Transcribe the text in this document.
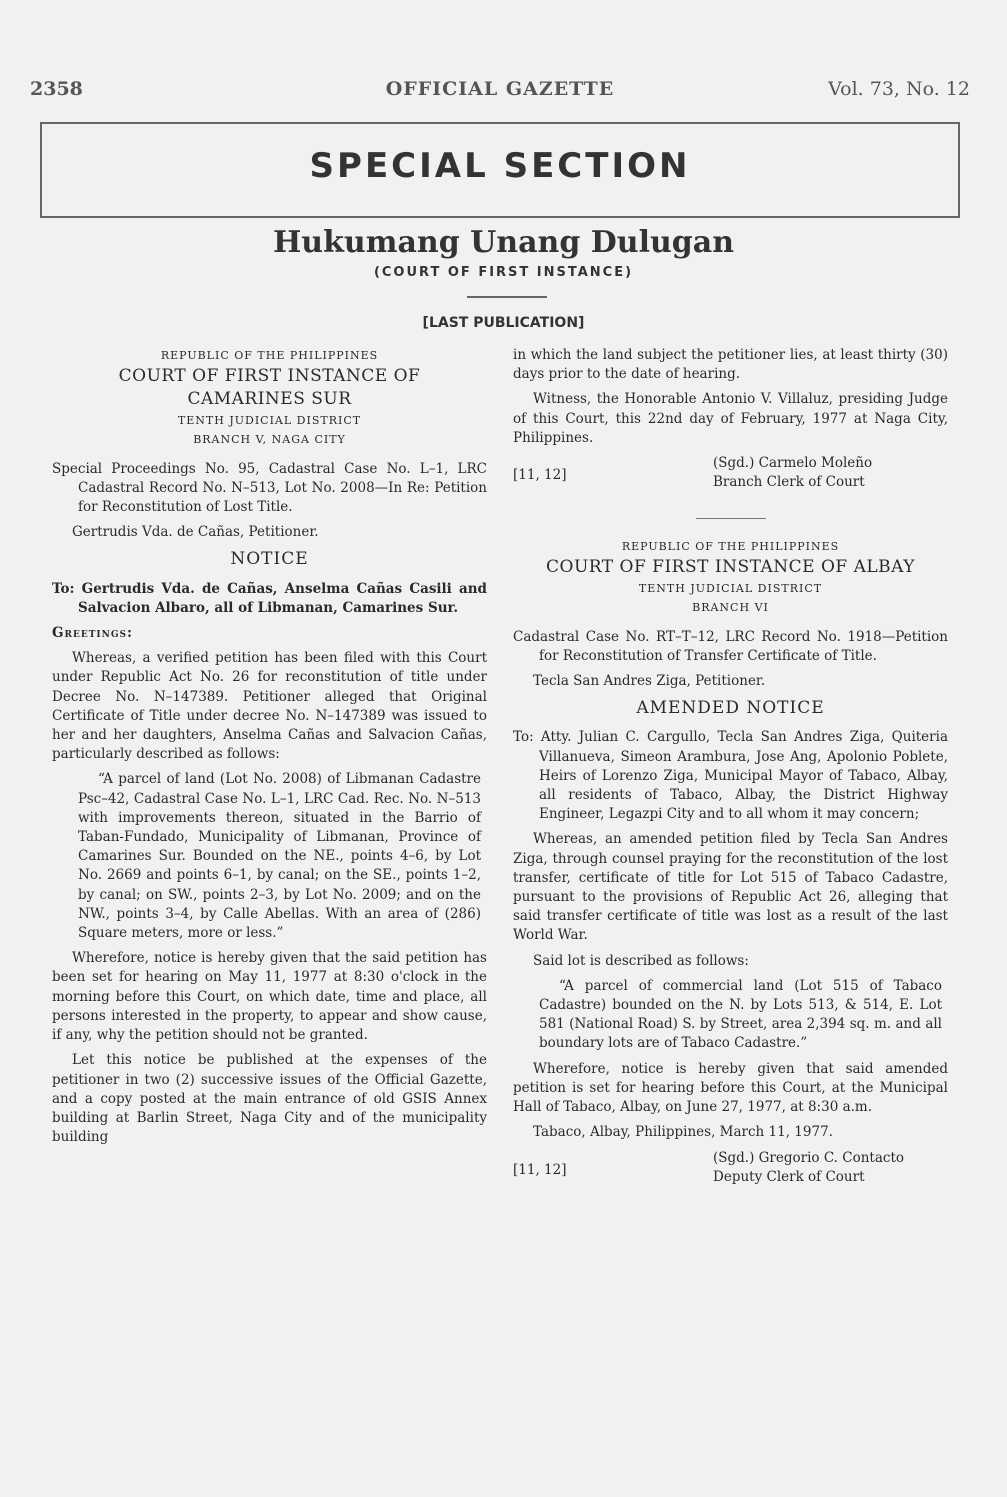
2358	OFFICIAL GAZETTE	Vol. 73, No. 12
SPECIAL SECTION
Hukumang Unang Dulugan
(COURT OF FIRST INSTANCE)
[LAST PUBLICATION]
REPUBLIC OF THE PHILIPPINES
COURT OF FIRST INSTANCE OF
CAMARINES SUR
TENTH JUDICIAL DISTRICT
BRANCH V, NAGA CITY

Special Proceedings No. 95, Cadastral Case No. L–1, LRC Cadastral Record No. N–513, Lot No. 2008—In Re: Petition for Reconstitution of Lost Title.

Gertrudis Vda. de Cañas, Petitioner.

NOTICE

To: Gertrudis Vda. de Cañas, Anselma Cañas Casili and Salvacion Albaro, all of Libmanan, Camarines Sur.

Greetings:

Whereas, a verified petition has been filed with this Court under Republic Act No. 26 for reconstitution of title under Decree No. N–147389. Petitioner alleged that Original Certificate of Title under decree No. N–147389 was issued to her and her daughters, Anselma Cañas and Salvacion Cañas, particularly described as follows:

“A parcel of land (Lot No. 2008) of Libmanan Cadastre Psc–42, Cadastral Case No. L–1, LRC Cad. Rec. No. N–513 with improvements thereon, situated in the Barrio of Taban-Fundado, Municipality of Libmanan, Province of Camarines Sur. Bounded on the NE., points 4–6, by Lot No. 2669 and points 6–1, by canal; on the SE., points 1–2, by canal; on SW., points 2–3, by Lot No. 2009; and on the NW., points 3–4, by Calle Abellas. With an area of (286) Square meters, more or less.”

Wherefore, notice is hereby given that the said petition has been set for hearing on May 11, 1977 at 8:30 o'clock in the morning before this Court, on which date, time and place, all persons interested in the property, to appear and show cause, if any, why the petition should not be granted.

Let this notice be published at the expenses of the petitioner in two (2) successive issues of the Official Gazette, and a copy posted at the main entrance of old GSIS Annex building at Barlin Street, Naga City and of the municipality building

in which the land subject the petitioner lies, at least thirty (30) days prior to the date of hearing.

Witness, the Honorable Antonio V. Villaluz, presiding Judge of this Court, this 22nd day of February, 1977 at Naga City, Philippines.

[11, 12]
(Sgd.) Carmelo Moleño
Branch Clerk of Court
REPUBLIC OF THE PHILIPPINES
COURT OF FIRST INSTANCE OF ALBAY
TENTH JUDICIAL DISTRICT
BRANCH VI

Cadastral Case No. RT–T–12, LRC Record No. 1918—Petition for Reconstitution of Transfer Certificate of Title.

Tecla San Andres Ziga, Petitioner.

AMENDED NOTICE

To: Atty. Julian C. Cargullo, Tecla San Andres Ziga, Quiteria Villanueva, Simeon Arambura, Jose Ang, Apolonio Poblete, Heirs of Lorenzo Ziga, Municipal Mayor of Tabaco, Albay, all residents of Tabaco, Albay, the District Highway Engineer, Legazpi City and to all whom it may concern;

Whereas, an amended petition filed by Tecla San Andres Ziga, through counsel praying for the reconstitution of the lost transfer, certificate of title for Lot 515 of Tabaco Cadastre, pursuant to the provisions of Republic Act 26, alleging that said transfer certificate of title was lost as a result of the last World War.

Said lot is described as follows:

“A parcel of commercial land (Lot 515 of Tabaco Cadastre) bounded on the N. by Lots 513, & 514, E. Lot 581 (National Road) S. by Street, area 2,394 sq. m. and all boundary lots are of Tabaco Cadastre.”

Wherefore, notice is hereby given that said amended petition is set for hearing before this Court, at the Municipal Hall of Tabaco, Albay, on June 27, 1977, at 8:30 a.m.

Tabaco, Albay, Philippines, March 11, 1977.

[11, 12]
(Sgd.) Gregorio C. Contacto
Deputy Clerk of Court
